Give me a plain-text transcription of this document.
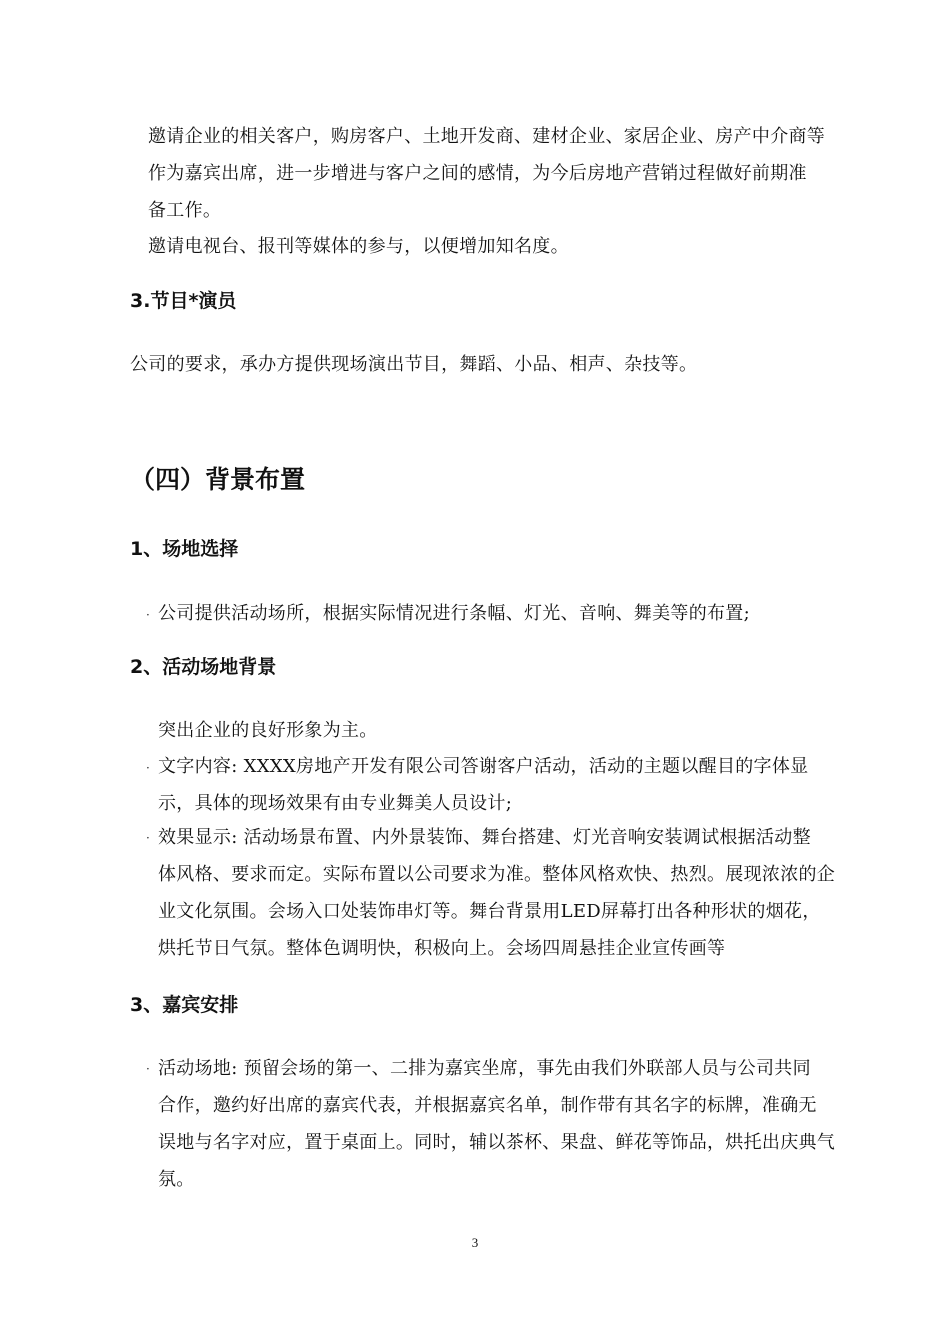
邀请企业的相关客户，购房客户、土地开发商、建材企业、家居企业、房产中介商等
作为嘉宾出席，进一步增进与客户之间的感情，为今后房地产营销过程做好前期准
备工作。
邀请电视台、报刊等媒体的参与，以便增加知名度。
3.节目*演员
公司的要求，承办方提供现场演出节目，舞蹈、小品、相声、杂技等。
（四）背景布置
1、场地选择
· 公司提供活动场所，根据实际情况进行条幅、灯光、音响、舞美等的布置;
2、活动场地背景
突出企业的良好形象为主。
· 文字内容: XXXX房地产开发有限公司答谢客户活动，活动的主题以醒目的字体显
示，具体的现场效果有由专业舞美人员设计;
· 效果显示: 活动场景布置、内外景装饰、舞台搭建、灯光音响安装调试根据活动整
体风格、要求而定。实际布置以公司要求为准。整体风格欢快、热烈。展现浓浓的企
业文化氛围。会场入口处装饰串灯等。舞台背景用LED屏幕打出各种形状的烟花，
烘托节日气氛。整体色调明快，积极向上。会场四周悬挂企业宣传画等
3、嘉宾安排
· 活动场地: 预留会场的第一、二排为嘉宾坐席，事先由我们外联部人员与公司共同
合作，邀约好出席的嘉宾代表，并根据嘉宾名单，制作带有其名字的标牌，准确无
误地与名字对应，置于桌面上。同时，辅以茶杯、果盘、鲜花等饰品，烘托出庆典气
氛。
3
